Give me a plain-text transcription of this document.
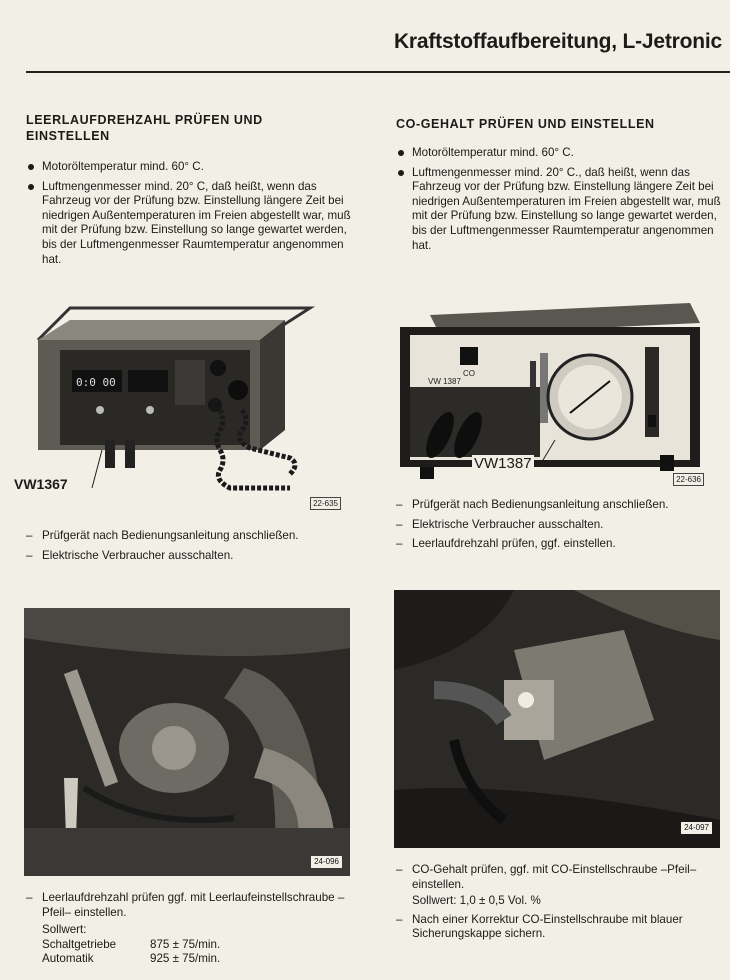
Kraftstoffaufbereitung, L-Jetronic
LEERLAUFDREHZAHL PRÜFEN UND
EINSTELLEN
Motoröltemperatur mind. 60° C.
Luftmengenmesser mind. 20° C, daß heißt, wenn das Fahrzeug vor der Prüfung bzw. Einstellung längere Zeit bei niedrigen Außentemperaturen im Freien abgestellt war, muß mit der Prüfung bzw. Einstellung so lange gewartet werden, bis der Luftmengenmesser Raumtemperatur angenommen hat.
0:0 00
VW1367
22-635
– Prüfgerät nach Bedienungsanleitung anschließen.
– Elektrische Verbraucher ausschalten.
24-096
– Leerlaufdrehzahl prüfen ggf. mit Leerlaufeinstellschraube –Pfeil– einstellen.
Sollwert:
Schaltgetriebe	875 ± 75/min.
Automatik	925 ± 75/min.
CO-GEHALT PRÜFEN UND EINSTELLEN
Motoröltemperatur mind. 60° C.
Luftmengenmesser mind. 20° C., daß heißt, wenn das Fahrzeug vor der Prüfung bzw. Einstellung längere Zeit bei niedrigen Außentemperaturen im Freien abgestellt war, muß mit der Prüfung bzw. Einstellung so lange gewartet werden, bis der Luftmengenmesser Raumtemperatur angenommen hat.
VW 1387
CO
VW1387
22-636
– Prüfgerät nach Bedienungsanleitung anschließen.
– Elektrische Verbraucher ausschalten.
– Leerlaufdrehzahl prüfen, ggf. einstellen.
24-097
– CO-Gehalt prüfen, ggf. mit CO-Einstellschraube –Pfeil– einstellen.
Sollwert: 1,0 ± 0,5 Vol. %
– Nach einer Korrektur CO-Einstellschraube mit blauer Sicherungskappe sichern.
